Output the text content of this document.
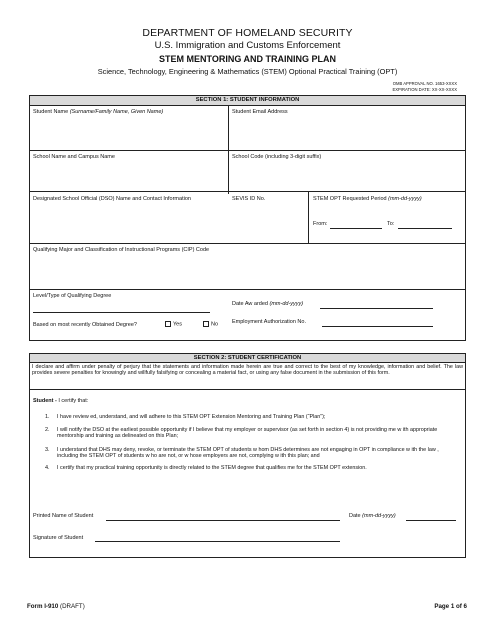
DEPARTMENT OF HOMELAND SECURITY
U.S. Immigration and Customs Enforcement
STEM MENTORING AND TRAINING PLAN
Science, Technology, Engineering & Mathematics (STEM) Optional Practical Training (OPT)
OMB APPROVAL NO. 1653-XXXX
EXPIRATION DATE: XX-XX-XXXX
SECTION 1: STUDENT INFORMATION
Student Name (Surname/Family Name, Given Name)	Student Email Address
School Name and Campus Name	School Code (including 3-digit suffix)
Designated School Official (DSO) Name and Contact Information	SEVIS ID No.	STEM OPT Requested Period (mm-dd-yyyy)
From:	To:
Qualifying Major and Classification of Instructional Programs (CIP) Code
Level/Type of Qualifying Degree
Date Aw arded (mm-dd-yyyy)
Based on most recently Obtained Degree?	Yes	No	Employment Authorization No.
SECTION 2: STUDENT CERTIFICATION
I declare and affirm under penalty of perjury that the statements and information made herein are true and correct to the best of my knowledge, information and belief. The law provides severe penalties for knowingly and willfully falsifying or concealing a material fact, or using any false document in the submission of this form.
Student - I certify that:
1. I have review ed, understand, and will adhere to this STEM OPT Extension Mentoring and Training Plan (“Plan”);
2. I will notify the DSO at the earliest possible opportunity if I believe that my employer or supervisor (as set forth in section 4) is not providing me w ith appropriate mentorship and training as delineated on this Plan;
3. I understand that DHS may deny, revoke, or terminate the STEM OPT of students w hom DHS determines are not engaging in OPT in compliance w ith the law , including the STEM OPT of students w ho are not, or w hose employers are not, complying w ith this plan; and
4. I certify that my practical training opportunity is directly related to the STEM degree that qualifies me for the STEM OPT extension.
Printed Name of Student	Date (mm-dd-yyyy)
Signature of Student
Form I-910 (DRAFT)	Page 1 of 6
